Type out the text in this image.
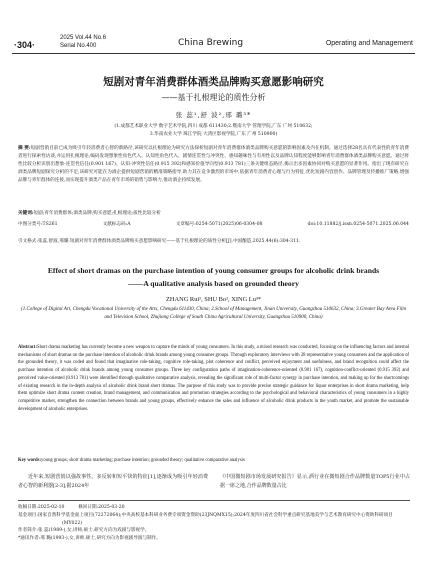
·304·
2025 Vol.44 No.6
Serial No.400	China Brewing	Operating and Management
短剧对青年消费群体酒类品牌购买意愿影响研究
——基于扎根理论的质性分析
张 蕊¹,舒 波²,邢 璐³*
(1.成都艺术职业大学 数字艺术学院,四川 成都 611430;2.暨南大学 管理学院,广东 广州 510632;
3.华南农业大学 珠江学院 大湾区影视学院,广东 广州 510900)
摘 要:短剧营销目前已成为吸引年轻消费者心智的新路径,该研究以扎根理论为研究方法探析短剧对青年消费群体酒类品牌购买意愿的影响因素及内在机制。通过选择28名具有代表性的青年消费者进行探索性访谈,并运用扎根理论,编码发现想象性角色代入、认知性角色代入、剧情连贯性与冲突性、感知趣味性与有用性以及品牌认知程度能够影响青年消费群体酒类品牌购买意愿。通过将性比较分析识别出想象-连贯性信任(0.901 167)、认知-冲突性信任(0.915 392)和感知价值导向型(0.913 781)三条关键组态路径,揭示出多因素协同对购买意愿的显著作用。指出了现有研究在酒类品牌短剧探究分析的不足,该研究可能在为酒企提供短剧营销的精准策略指导,助力其在竞争激烈的市场中,依据青年消费者心理与行为特征,优化短剧内容创作、品牌管理及传播推广策略,增强品牌与青年群体的连接,而实现提升酒类产品在青年市场的销售与影响力,推动酒企持续发展。
关键词:短剧;青年消费群体;酒类品牌;购买意愿;扎根理论;质性比较分析
中图分类号:TS261	文献标志码:A	文章编号:0254-5071(2025)06-0304-08	doi:10.11882/j.issn.0254-5071.2025.06.044
引文格式:张蕊,舒波,邢璐.短剧对青年消费群体酒类品牌购买意愿影响研究——基于扎根理论的质性分析[J].中国酿造,2025,44(6):304-311.
Effect of short dramas on the purchase intention of young consumer groups for alcoholic drink brands
——A qualitative analysis based on grounded theory
ZHANG Rui¹, SHU Bo², XING Lu³*
(1.College of Digital Art, Chengdu Vocational University of the Arts, Chengdu 611430, China; 2.School of Management, Jinan University, Guangzhou 510632, China; 3.Greater Bay Area Film and Television School, Zhujiang College of South China Agricultural University, Guangzhou 510900, China)
Abstract:Short drama marketing has currently become a new weapon to capture the minds of young consumers. In this study, a mixed research was conducted, focusing on the influencing factors and internal mechanisms of short dramas on the purchase intention of alcoholic drink brands among young consumer groups. Through exploratory interviews with 28 representative young consumers and the application of the grounded theory, it was coded and found that imaginative role-taking, cognitive role-taking, plot coherence and conflict, perceived enjoyment and usefulness, and brand recognition could affect the purchase intention of alcoholic drink brands among young consumer groups. Three key configuration paths of imagination-coherence-oriented (0.901 167), cognition-conflict-oriented (0.915 392) and perceived value-oriented (0.913 781) were identified through qualitative comparative analysis, revealing the significant role of multi-factor synergy in purchase intention, and making up for the shortcomings of existing research in the in-depth analysis of alcoholic drink brand short dramas. The purpose of this study was to provide precise strategic guidance for liquor enterprises in short drama marketing, help them optimize short drama content creation, brand management, and communication and promotion strategies according to the psychological and behavioral characteristics of young consumers in a highly competitive market, strengthen the connection between brands and young groups, effectively enhance the sales and influence of alcoholic drink products in the youth market, and promote the sustainable development of alcoholic enterprises.
Key words:young groups; short drama marketing; purchase intention; grounded theory; qualitative comparative analysis
近年来,短剧营销以强故事性、多反转和短平快的特征[1],逐渐成为吸引年轻消费者心智的新利器[2-3],据2024年
《中国微短剧市场发展研究报告》显示,酒行业在微短剧合作品牌数量TOP5行业中占据一席之地,合作品牌数量占比
收稿日期:2025-02-10　　　修回日期:2025-03-20
基金项目:国家自然科学基金面上项目(72272064);中央高校基本科研业务费专项资金资助(23JNQMX15);2024年度四川省社会科学重点研究基地美学与艺术教育研究中心资助科研项目(MY022)
作者简介:张 蕊(1989-),女,讲师,硕士,研究方向为戏剧与影视学。
*通讯作者:邢 璐(1993-),女,讲师,硕士,研究方向为影视剧导演与制作。
